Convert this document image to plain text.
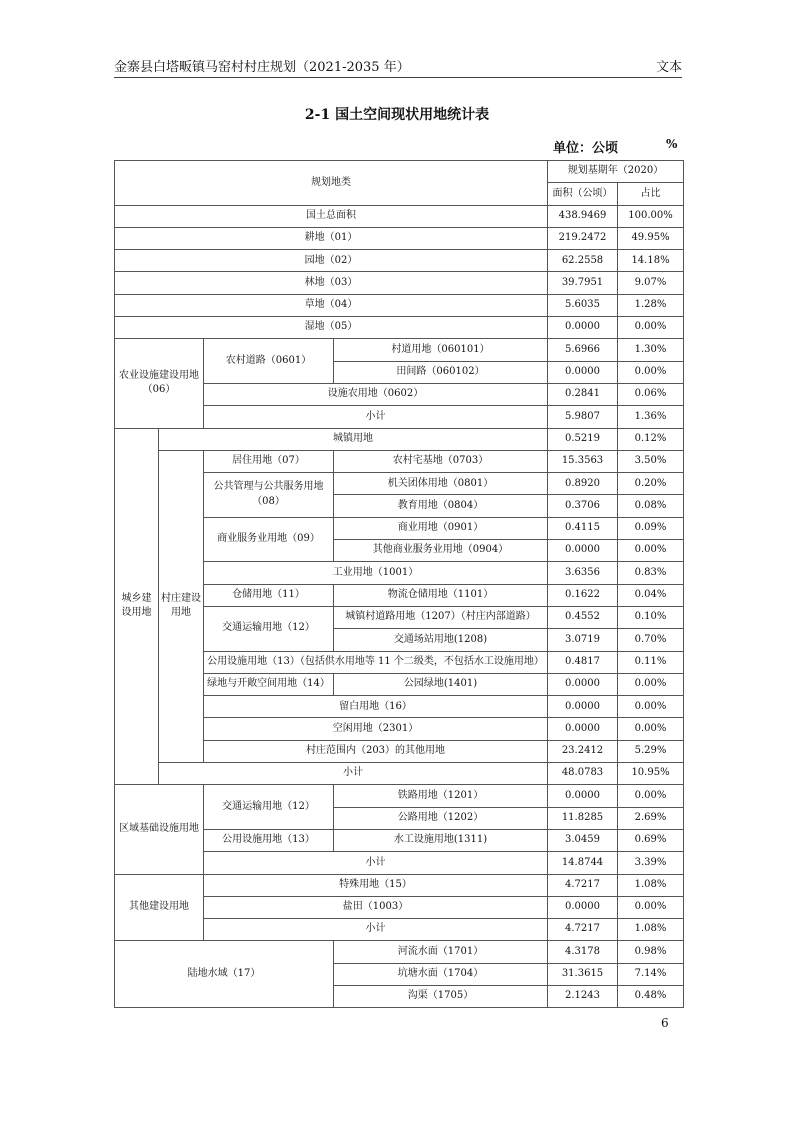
金寨县白塔畈镇马窑村村庄规划（2021-2035 年）	文本
2-1 国土空间现状用地统计表
单位：公顷	%
规划地类				规划基期年（2020）	
				面积（公顷）	占比
国土总面积				438.9469	100.00%
耕地（01）				219.2472	49.95%
园地（02）				62.2558	14.18%
林地（03）				39.7951	9.07%
草地（04）				5.6035	1.28%
湿地（05）				0.0000	0.00%
农业设施建设用地（06）		农村道路（0601）	村道用地（060101）	5.6966	1.30%
			田间路（060102）	0.0000	0.00%
		设施农用地（0602）		0.2841	0.06%
		小计		5.9807	1.36%
城乡建设用地	城镇用地			0.5219	0.12%
	村庄建设用地	居住用地（07）	农村宅基地（0703）	15.3563	3.50%
		公共管理与公共服务用地（08）	机关团体用地（0801）	0.8920	0.20%
			教育用地（0804）	0.3706	0.08%
		商业服务业用地（09）	商业用地（0901）	0.4115	0.09%
			其他商业服务业用地（0904）	0.0000	0.00%
		工业用地（1001）		3.6356	0.83%
		仓储用地（11）	物流仓储用地（1101）	0.1622	0.04%
		交通运输用地（12）	城镇村道路用地（1207）（村庄内部道路）	0.4552	0.10%
			交通场站用地(1208)	3.0719	0.70%
		公用设施用地（13）（包括供水用地等 11 个二级类，不包括水工设施用地）		0.4817	0.11%
		绿地与开敞空间用地（14）	公园绿地(1401)	0.0000	0.00%
		留白用地（16）		0.0000	0.00%
		空闲用地（2301）		0.0000	0.00%
		村庄范围内（203）的其他用地		23.2412	5.29%
	小计			48.0783	10.95%
区域基础设施用地		交通运输用地（12）	铁路用地（1201）	0.0000	0.00%
			公路用地（1202）	11.8285	2.69%
		公用设施用地（13）	水工设施用地(1311)	3.0459	0.69%
		小计		14.8744	3.39%
其他建设用地		特殊用地（15）		4.7217	1.08%
		盐田（1003）		0.0000	0.00%
		小计		4.7217	1.08%
陆地水域（17）			河流水面（1701）	4.3178	0.98%
			坑塘水面（1704）	31.3615	7.14%
			沟渠（1705）	2.1243	0.48%
6
